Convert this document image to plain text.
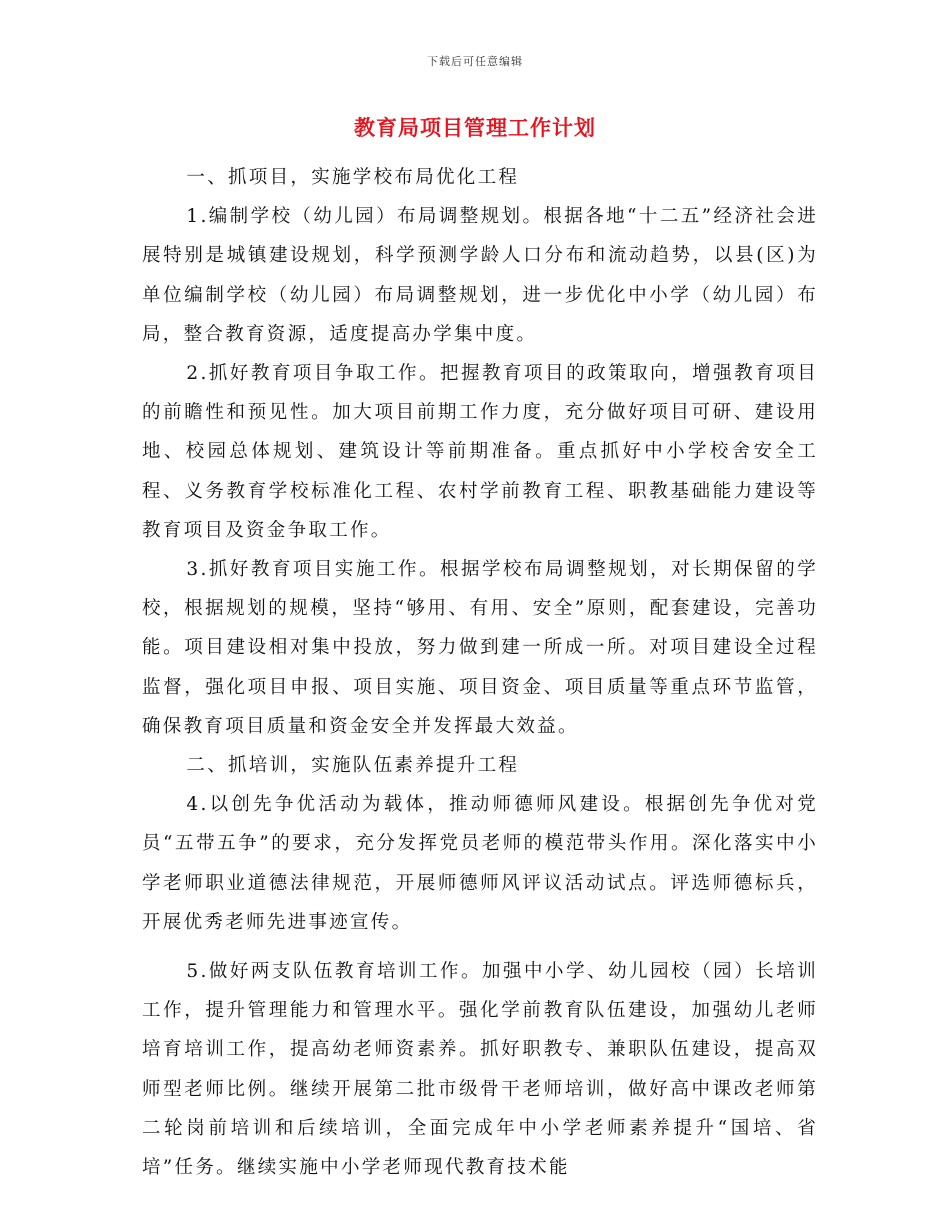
下载后可任意编辑
教育局项目管理工作计划

一、抓项目，实施学校布局优化工程

1.编制学校（幼儿园）布局调整规划。根据各地“十二五”经济社会进展特别是城镇建设规划，科学预测学龄人口分布和流动趋势，以县(区)为单位编制学校（幼儿园）布局调整规划，进一步优化中小学（幼儿园）布局，整合教育资源，适度提高办学集中度。

2.抓好教育项目争取工作。把握教育项目的政策取向，增强教育项目的前瞻性和预见性。加大项目前期工作力度，充分做好项目可研、建设用地、校园总体规划、建筑设计等前期准备。重点抓好中小学校舍安全工程、义务教育学校标准化工程、农村学前教育工程、职教基础能力建设等教育项目及资金争取工作。

3.抓好教育项目实施工作。根据学校布局调整规划，对长期保留的学校，根据规划的规模，坚持“够用、有用、安全”原则，配套建设，完善功能。项目建设相对集中投放，努力做到建一所成一所。对项目建设全过程监督，强化项目申报、项目实施、项目资金、项目质量等重点环节监管，确保教育项目质量和资金安全并发挥最大效益。

二、抓培训，实施队伍素养提升工程

4.以创先争优活动为载体，推动师德师风建设。根据创先争优对党员“五带五争”的要求，充分发挥党员老师的模范带头作用。深化落实中小学老师职业道德法律规范，开展师德师风评议活动试点。评选师德标兵，开展优秀老师先进事迹宣传。

5.做好两支队伍教育培训工作。加强中小学、幼儿园校（园）长培训工作，提升管理能力和管理水平。强化学前教育队伍建设，加强幼儿老师培育培训工作，提高幼老师资素养。抓好职教专、兼职队伍建设，提高双师型老师比例。继续开展第二批市级骨干老师培训，做好高中课改老师第二轮岗前培训和后续培训，全面完成年中小学老师素养提升“国培、省培”任务。继续实施中小学老师现代教育技术能
